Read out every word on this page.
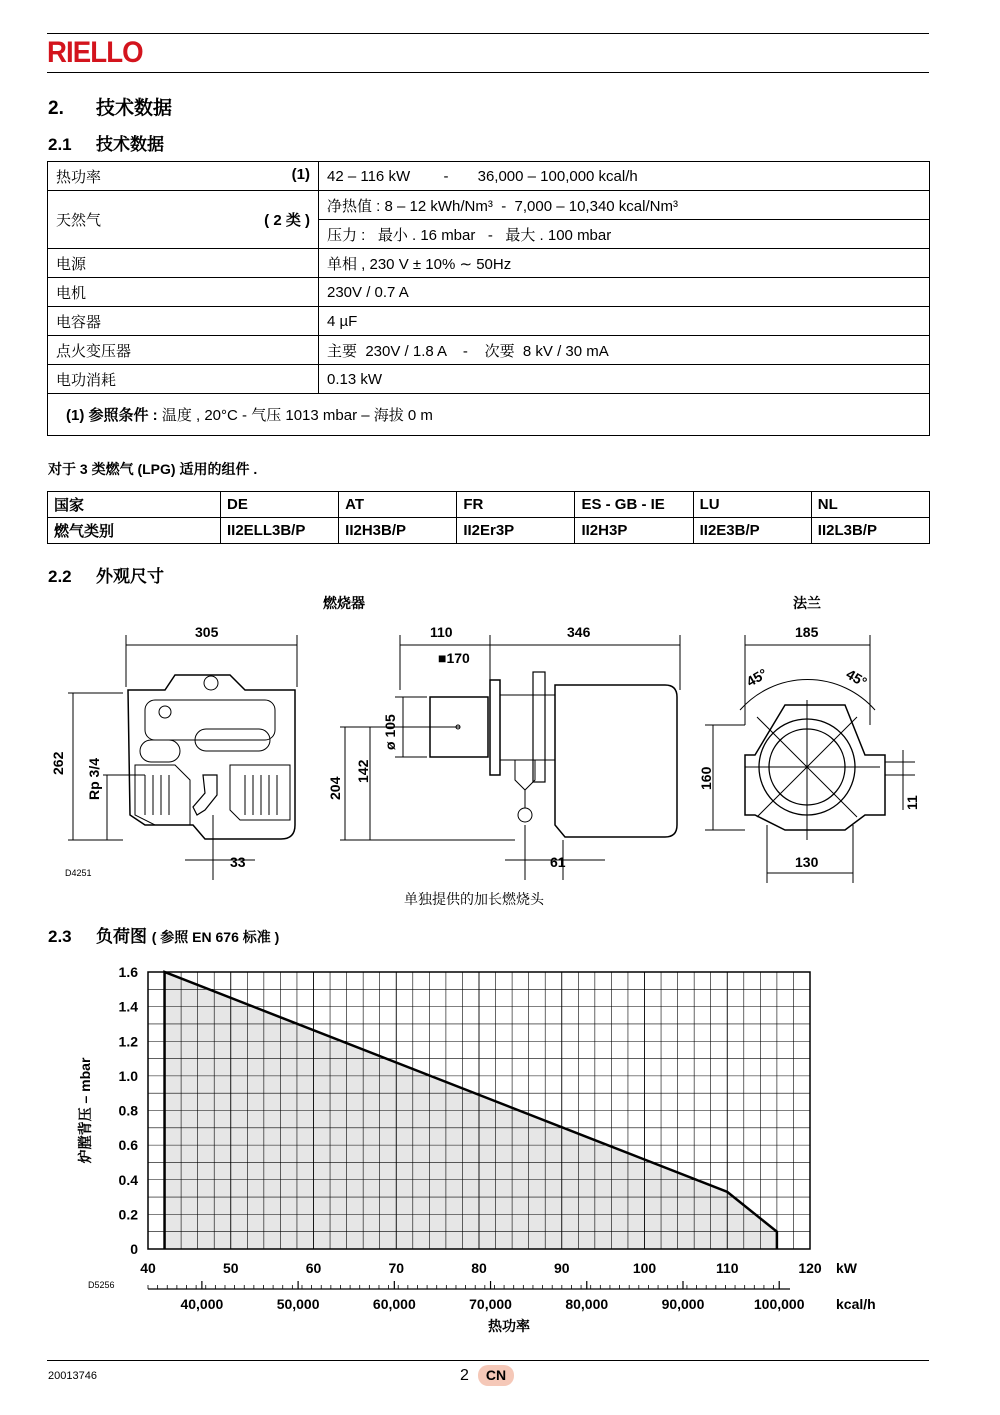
RIELLO
2. 技术数据
2.1 技术数据
热功率 (1)	42 – 116 kW        -       36,000 – 100,000 kcal/h
天然气 ( 2 类 )	净热值 : 8 – 12 kWh/Nm³  -  7,000 – 10,340 kcal/Nm³
	压力 :   最小 . 16 mbar   -   最大 . 100 mbar
电源	单相 , 230 V ± 10% ∼ 50Hz
电机	230V / 0.7 A
电容器	4 µF
点火变压器	主要  230V / 1.8 A    -    次要  8 kV / 30 mA
电功消耗	0.13 kW
(1) 参照条件 : 温度 , 20°C - 气压 1013 mbar – 海拔 0 m	
对于 3 类燃气 (LPG) 适用的组件 .
国家	DE	AT	FR	ES - GB - IE	LU	NL
燃气类别	II2ELL3B/P	II2H3B/P	II2Er3P	II2H3P	II2E3B/P	II2L3B/P
2.2 外观尺寸
燃烧器	法兰
305
262 Rp 3/4
33
110	346
■170
ø 105
142
204
61
185
45°	45°
160
11
130
D4251
单独提供的加长燃烧头
2.3 负荷图 ( 参照 EN 676 标准 )
0
0.2
0.4
0.6
0.8
1.0
1.2
1.4
1.6
40	50	60	70	80	90	100	110	120 kW
40,000	50,000	60,000	70,000	80,000	90,000	100,000 kcal/h
热功率
炉膛背压 – mbar
D5256
20013746	2	CN
